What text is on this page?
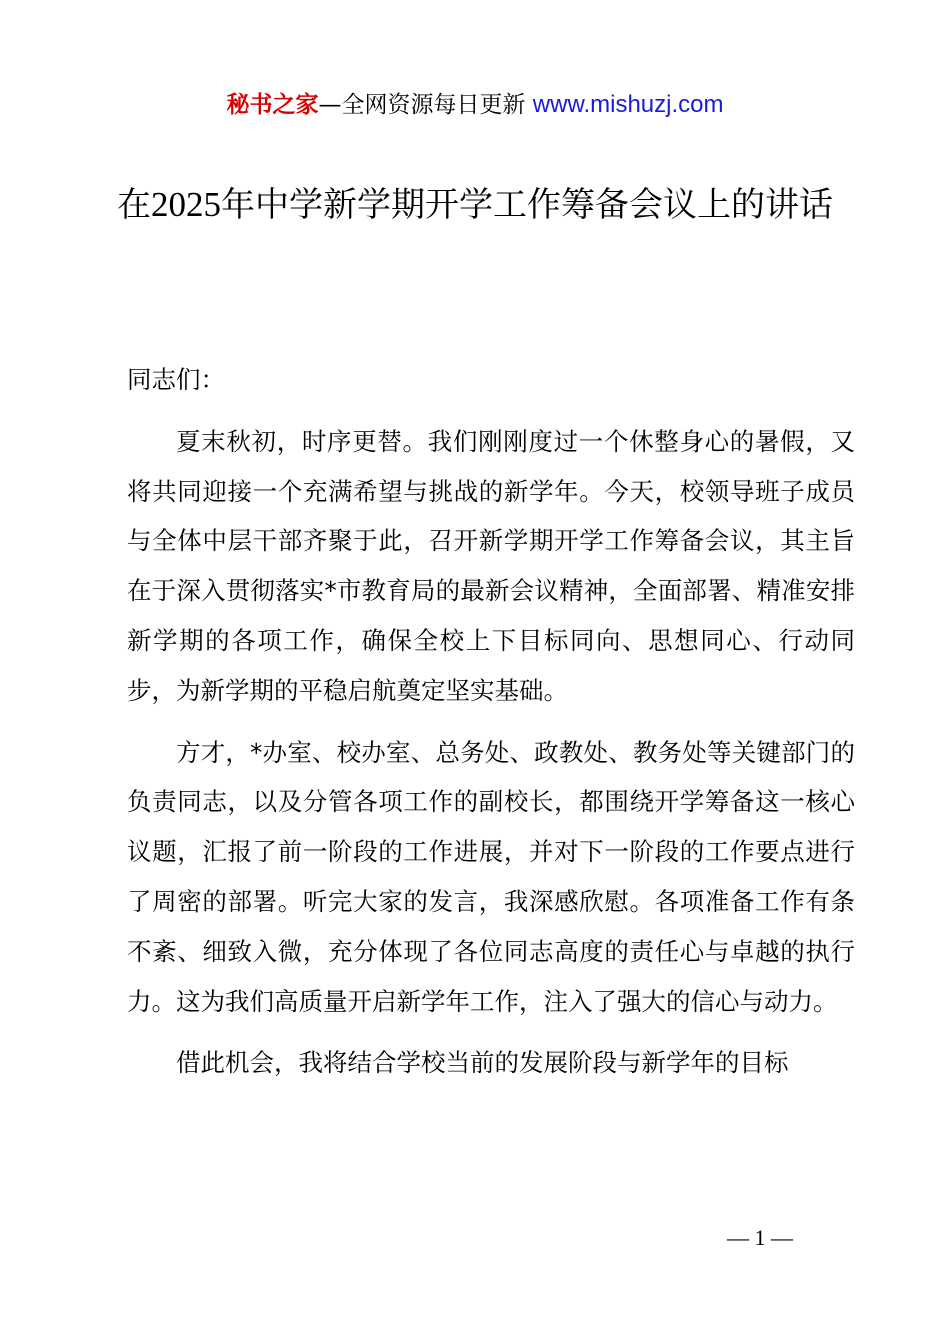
秘书之家—全网资源每日更新 www.mishuzj.com
在2025年中学新学期开学工作筹备会议上的讲话

同志们：

夏末秋初，时序更替。我们刚刚度过一个休整身心的暑假，又将共同迎接一个充满希望与挑战的新学年。今天，校领导班子成员与全体中层干部齐聚于此，召开新学期开学工作筹备会议，其主旨在于深入贯彻落实*市教育局的最新会议精神，全面部署、精准安排新学期的各项工作，确保全校上下目标同向、思想同心、行动同步，为新学期的平稳启航奠定坚实基础。

方才，*办室、校办室、总务处、政教处、教务处等关键部门的负责同志，以及分管各项工作的副校长，都围绕开学筹备这一核心议题，汇报了前一阶段的工作进展，并对下一阶段的工作要点进行了周密的部署。听完大家的发言，我深感欣慰。各项准备工作有条不紊、细致入微，充分体现了各位同志高度的责任心与卓越的执行力。这为我们高质量开启新学年工作，注入了强大的信心与动力。

借此机会，我将结合学校当前的发展阶段与新学年的目标

— 1 —
